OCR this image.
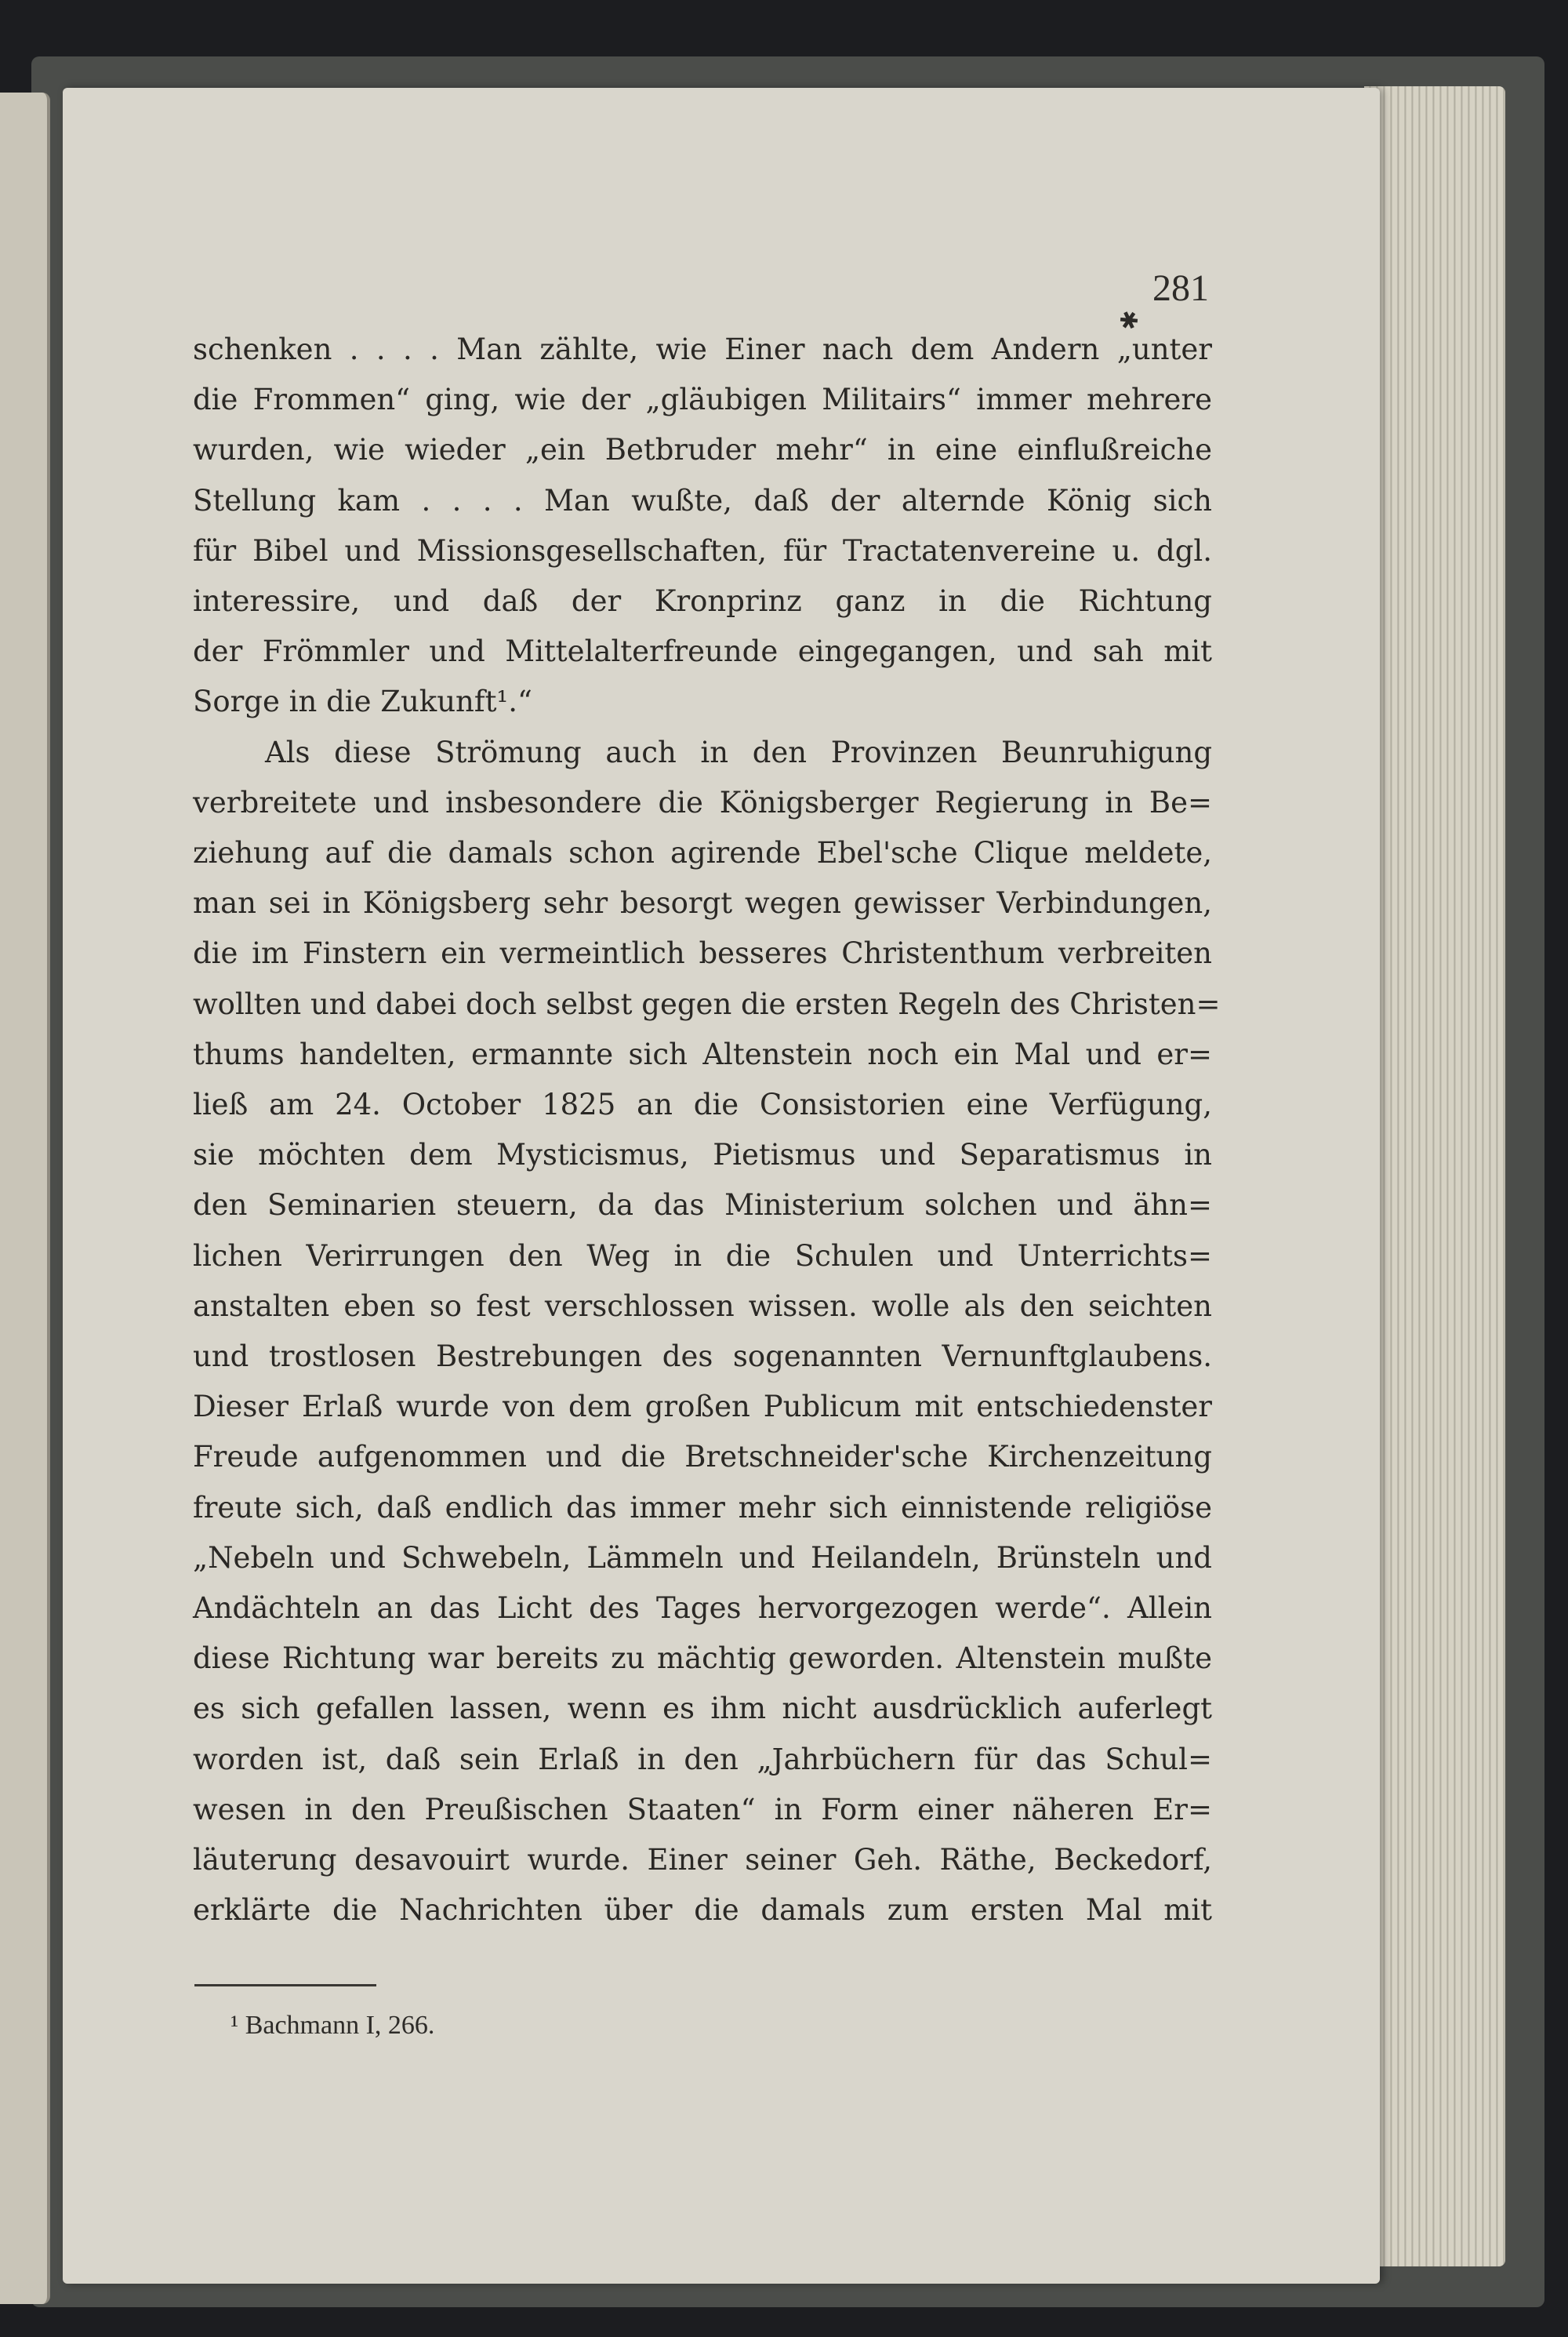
281
✱
schenken . . . . Man zählte, wie Einer nach dem Andern „unter
die Frommen“ ging, wie der „gläubigen Militairs“ immer mehrere
wurden, wie wieder „ein Betbruder mehr“ in eine einflußreiche
Stellung kam . . . . Man wußte, daß der alternde König sich
für Bibel und Missionsgesellschaften, für Tractatenvereine u. dgl.
interessire, und daß der Kronprinz ganz in die Richtung
der Frömmler und Mittelalterfreunde eingegangen, und sah mit
Sorge in die Zukunft¹.“
Als diese Strömung auch in den Provinzen Beunruhigung
verbreitete und insbesondere die Königsberger Regierung in Be=
ziehung auf die damals schon agirende Ebel'sche Clique meldete,
man sei in Königsberg sehr besorgt wegen gewisser Verbindungen,
die im Finstern ein vermeintlich besseres Christenthum verbreiten
wollten und dabei doch selbst gegen die ersten Regeln des Christen=
thums handelten, ermannte sich Altenstein noch ein Mal und er=
ließ am 24. October 1825 an die Consistorien eine Verfügung,
sie möchten dem Mysticismus, Pietismus und Separatismus in
den Seminarien steuern, da das Ministerium solchen und ähn=
lichen Verirrungen den Weg in die Schulen und Unterrichts=
anstalten eben so fest verschlossen wissen. wolle als den seichten
und trostlosen Bestrebungen des sogenannten Vernunftglaubens.
Dieser Erlaß wurde von dem großen Publicum mit entschiedenster
Freude aufgenommen und die Bretschneider'sche Kirchenzeitung
freute sich, daß endlich das immer mehr sich einnistende religiöse
„Nebeln und Schwebeln, Lämmeln und Heilandeln, Brünsteln und
Andächteln an das Licht des Tages hervorgezogen werde“. Allein
diese Richtung war bereits zu mächtig geworden. Altenstein mußte
es sich gefallen lassen, wenn es ihm nicht ausdrücklich auferlegt
worden ist, daß sein Erlaß in den „Jahrbüchern für das Schul=
wesen in den Preußischen Staaten“ in Form einer näheren Er=
läuterung desavouirt wurde. Einer seiner Geh. Räthe, Beckedorf,
erklärte die Nachrichten über die damals zum ersten Mal mit
¹ Bachmann I, 266.
